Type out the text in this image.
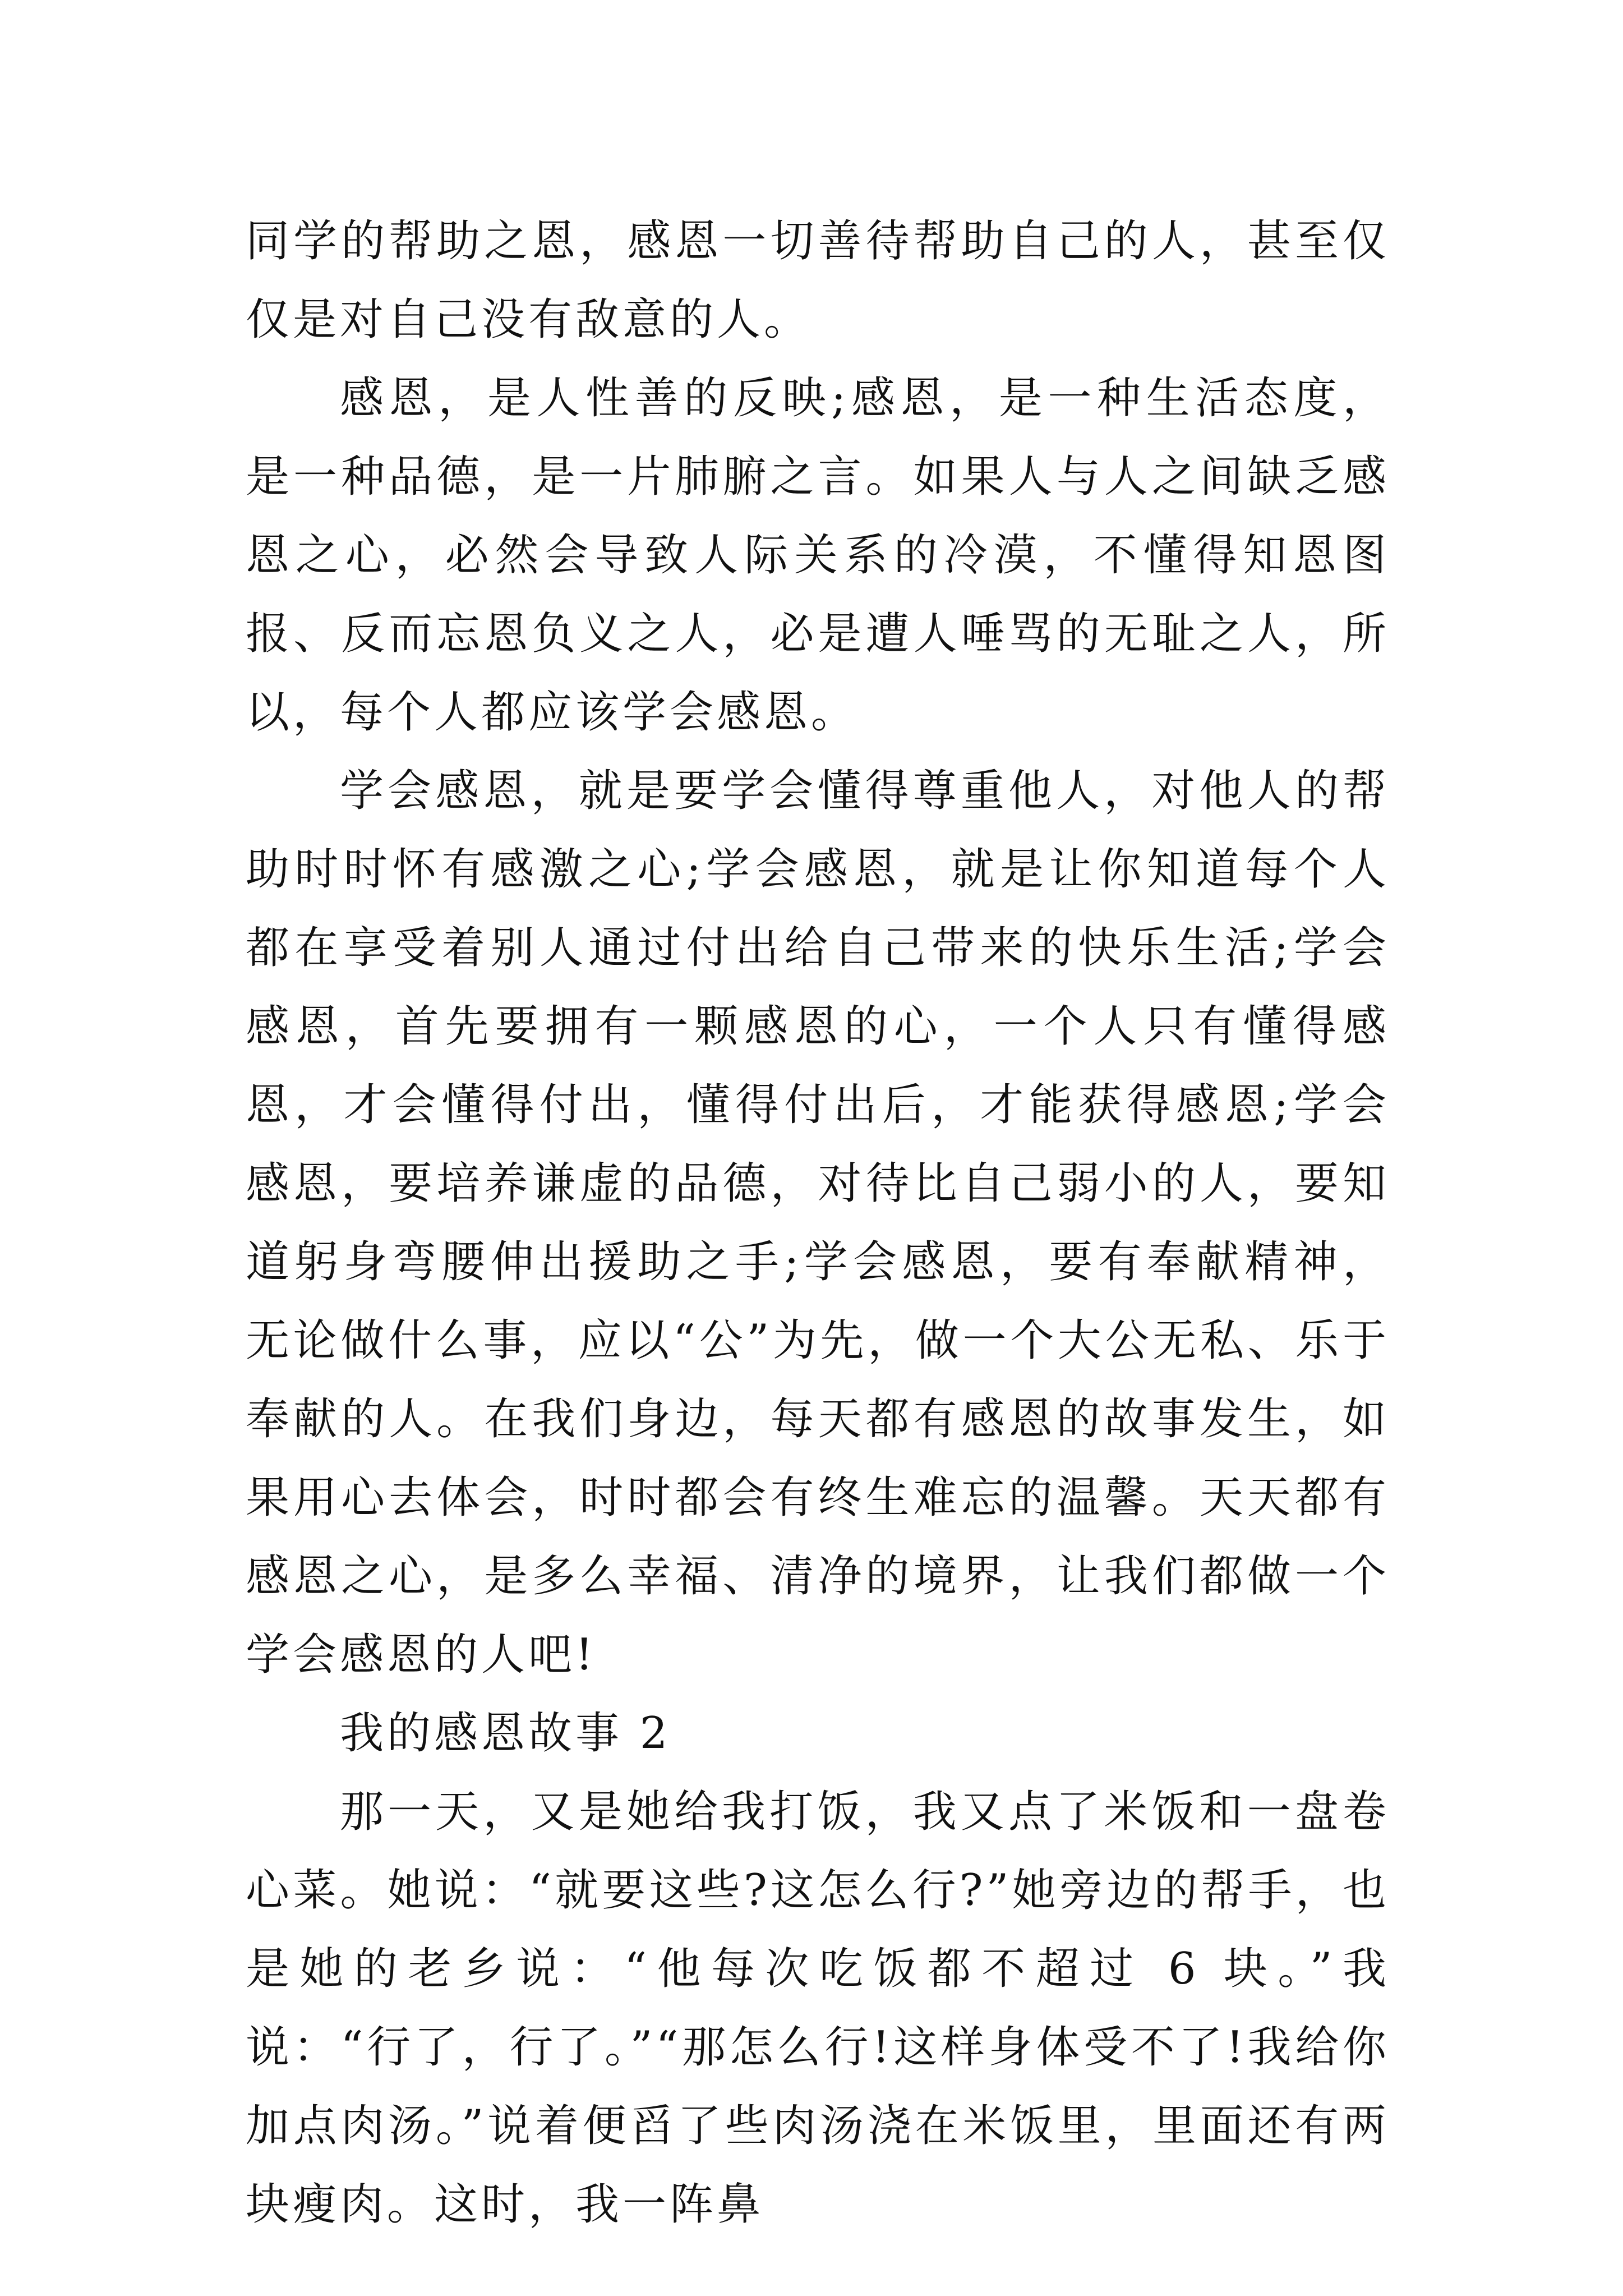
同学的帮助之恩，感恩一切善待帮助自己的人，甚至仅仅是对自己没有敌意的人。

感恩，是人性善的反映;感恩，是一种生活态度，是一种品德，是一片肺腑之言。如果人与人之间缺乏感恩之心，必然会导致人际关系的冷漠，不懂得知恩图报、反而忘恩负义之人，必是遭人唾骂的无耻之人，所以，每个人都应该学会感恩。

学会感恩，就是要学会懂得尊重他人，对他人的帮助时时怀有感激之心;学会感恩，就是让你知道每个人都在享受着别人通过付出给自己带来的快乐生活;学会感恩，首先要拥有一颗感恩的心，一个人只有懂得感恩，才会懂得付出，懂得付出后，才能获得感恩;学会感恩，要培养谦虚的品德，对待比自己弱小的人，要知道躬身弯腰伸出援助之手;学会感恩，要有奉献精神，无论做什么事，应以“公”为先，做一个大公无私、乐于奉献的人。在我们身边，每天都有感恩的故事发生，如果用心去体会，时时都会有终生难忘的温馨。天天都有感恩之心，是多么幸福、清净的境界，让我们都做一个学会感恩的人吧!

我的感恩故事 2

那一天，又是她给我打饭，我又点了米饭和一盘卷心菜。她说：“就要这些?这怎么行?”她旁边的帮手，也是她的老乡说：“他每次吃饭都不超过 6 块。”我说：“行了，行了。”“那怎么行!这样身体受不了!我给你加点肉汤。”说着便舀了些肉汤浇在米饭里，里面还有两块瘦肉。这时，我一阵鼻
